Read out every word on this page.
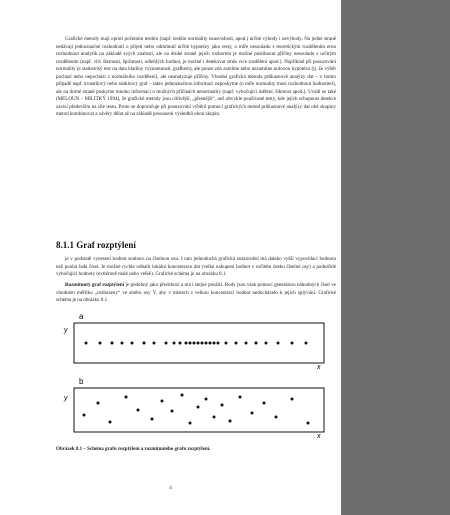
Grafické metody mají oproti početním testům (např. testům normality neasvisIosti, apod.) určité výhody i nevýhody. Na jedné straně nedávají jednoznačné rozhodnutí o přijetí nebo odmítnutí určité hypotézy jako testy, o míře nesouladu s teoretickým rozdělením ernu rozhodnout analytik na základě svých znalostí, ale na druhé straně jejich rozborem je možné postihnout příčiny nesouladu s určitým rozdělením (např. vliv šikmosti, špičatosti, odlehlých hodnot, je možné i detekovat směs více rozdělení apod.). Například při posuzování normality je statistický test na data hladiny významnosti, grafkem), ale pouze zda zamítne nebo nezamítne nulovou hypotézu (tj. že výběr pochází nebo nepochází z normálního rozdělení), ale neanalyzuje příčiny. Vhodná grafická metoda průkaznově analýzy dat – v tomto případě např. kvantilový nebo rankitový graf – takto jednoznačnou informaci neposkytne (o míře normality musí rozhodnout hodnotitel), ale na druhé straně poskytne mnoho informací o možných příčinách nenormality (např. vybočující měření, šikmost apod.). Uvádí se také (MELOUN – MILITKÝ 1994), že grafické metody jsou citlivější, „přesnější“, než obvykle používané testy, kde jejich schopnost detekce závisí především na síle testu. Proto se doporučuje při posuzování výběrů pomocí grafických metod průkaznové analýzy dat obě skupiny metod kombinovat a závěry dělat až na základě posouzení výsledků obou skupin.

8.1.1 Graf rozptýlení

je v podstatě vynesení hodnot souboru na číselnou osu. I tato jednoduchá grafická znázornění má daleko vyšší vypovídací hodnotu než pouhá řada čísel. Je možné rychle odhalit lokální koncentrace dat (velké nakupení hodnot v určitém úseku číselné osy) a podezřelé vybočující hodnoty (extrémně malé nebo velké). Grafické schéma je na obrázku 8.1.

Rozmítnutý graf rozptýlení je podobný jako předchozí a má i stejné použití. Body jsou však pomocí generátoru náhodných čísel ve vhodném měřítku „rozhozeny“ ve směru osy Y, aby v místech s velkou koncentrací hodnot nedocházelo k jejich splývání. Grafické schéma je na obrázku 8.1.

a
y
x
b
y
x
Obrázek 8.1 – Schéma grafu rozptýlení a rozmítnutého grafu rozptýlení.
4
